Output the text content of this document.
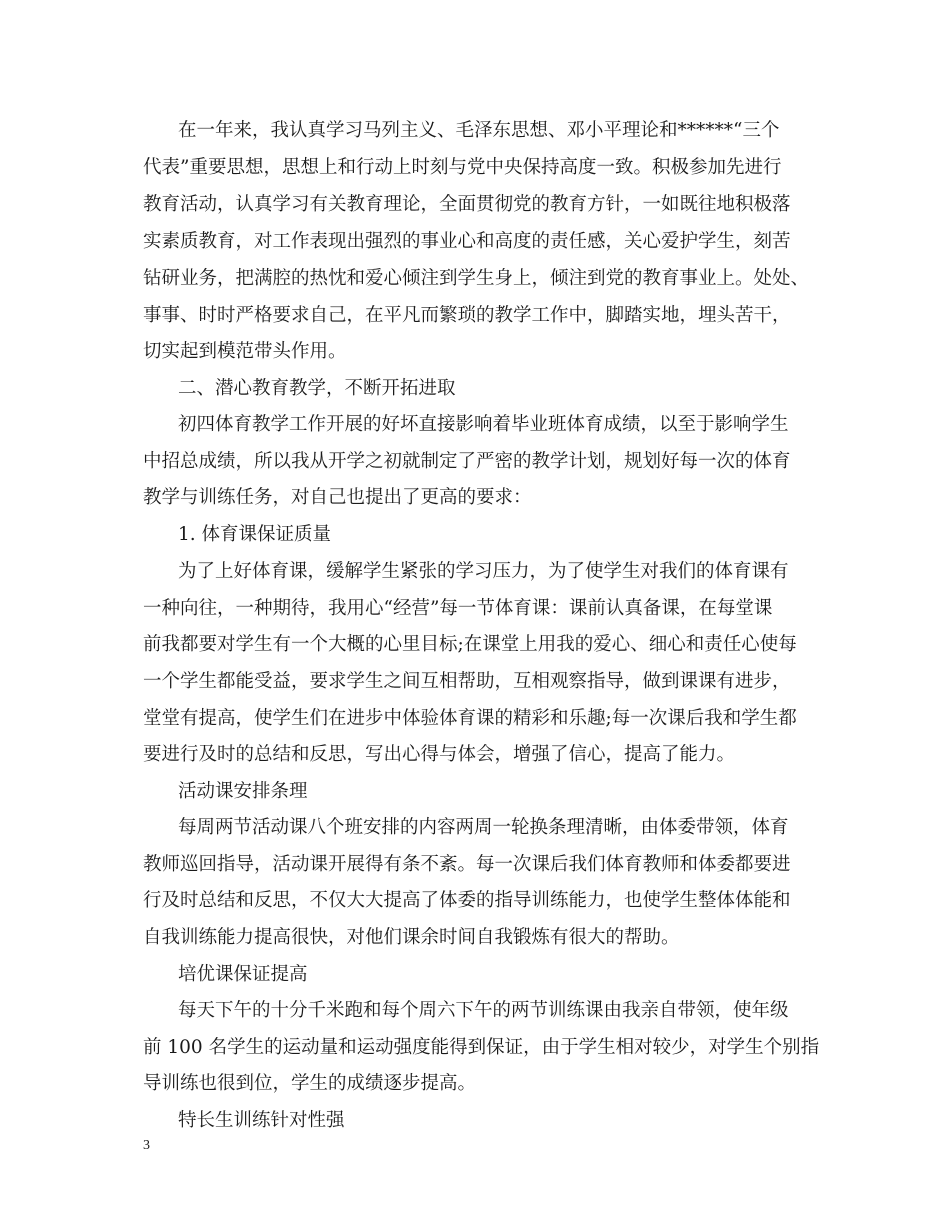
在一年来，我认真学习马列主义、毛泽东思想、邓小平理论和******“三个
代表”重要思想，思想上和行动上时刻与党中央保持高度一致。积极参加先进行
教育活动，认真学习有关教育理论，全面贯彻党的教育方针，一如既往地积极落
实素质教育，对工作表现出强烈的事业心和高度的责任感，关心爱护学生，刻苦
钻研业务，把满腔的热忱和爱心倾注到学生身上，倾注到党的教育事业上。处处、
事事、时时严格要求自己，在平凡而繁琐的教学工作中，脚踏实地，埋头苦干，
切实起到模范带头作用。
二、潜心教育教学，不断开拓进取
初四体育教学工作开展的好坏直接影响着毕业班体育成绩，以至于影响学生
中招总成绩，所以我从开学之初就制定了严密的教学计划，规划好每一次的体育
教学与训练任务，对自己也提出了更高的要求：
1. 体育课保证质量
为了上好体育课，缓解学生紧张的学习压力，为了使学生对我们的体育课有
一种向往，一种期待，我用心“经营”每一节体育课：课前认真备课，在每堂课
前我都要对学生有一个大概的心里目标;在课堂上用我的爱心、细心和责任心使每
一个学生都能受益，要求学生之间互相帮助，互相观察指导，做到课课有进步，
堂堂有提高，使学生们在进步中体验体育课的精彩和乐趣;每一次课后我和学生都
要进行及时的总结和反思，写出心得与体会，增强了信心，提高了能力。
活动课安排条理
每周两节活动课八个班安排的内容两周一轮换条理清晰，由体委带领，体育
教师巡回指导，活动课开展得有条不紊。每一次课后我们体育教师和体委都要进
行及时总结和反思，不仅大大提高了体委的指导训练能力，也使学生整体体能和
自我训练能力提高很快，对他们课余时间自我锻炼有很大的帮助。
培优课保证提高
每天下午的十分千米跑和每个周六下午的两节训练课由我亲自带领，使年级
前 100 名学生的运动量和运动强度能得到保证，由于学生相对较少，对学生个别指
导训练也很到位，学生的成绩逐步提高。
特长生训练针对性强
3
